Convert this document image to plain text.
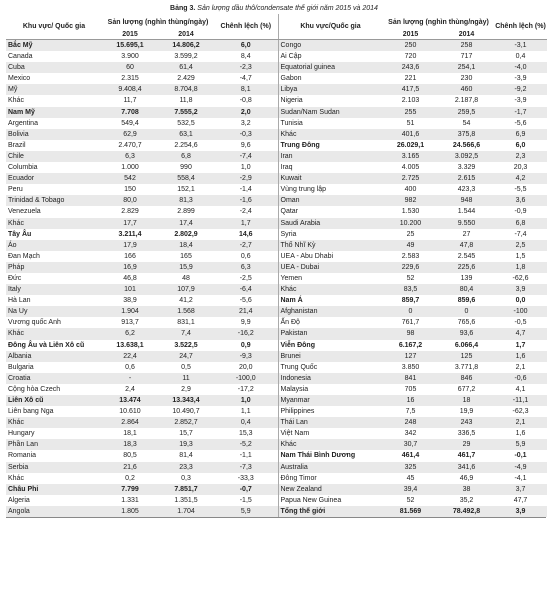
Bảng 3. Sản lượng dầu thô/condensate thế giới năm 2015 và 2014
Khu vực/ Quốc gia	Sản lượng (nghìn thùng/ngày)		Chênh lệch (%)
	2015	2014	
Bắc Mỹ	15.695,1	14.806,2	6,0
Canada	3.900	3.599,2	8,4
Cuba	60	61,4	-2,3
Mexico	2.315	2.429	-4,7
Mỹ	9.408,4	8.704,8	8,1
Khác	11,7	11,8	-0,8
Nam Mỹ	7.708	7.555,2	2,0
Argentina	549,4	532,5	3,2
Bolivia	62,9	63,1	-0,3
Brazil	2.470,7	2.254,6	9,6
Chile	6,3	6,8	-7,4
Columbia	1.000	990	1,0
Ecuador	542	558,4	-2,9
Peru	150	152,1	-1,4
Trinidad & Tobago	80,0	81,3	-1,6
Venezuela	2.829	2.899	-2,4
Khác	17,7	17,4	1,7
Tây Âu	3.211,4	2.802,9	14,6
Áo	17,9	18,4	-2,7
Đan Mạch	166	165	0,6
Pháp	16,9	15,9	6,3
Đức	46,8	48	-2,5
Italy	101	107,9	-6,4
Hà Lan	38,9	41,2	-5,6
Na Uy	1.904	1.568	21,4
Vương quốc Anh	913,7	831,1	9,9
Khác	6,2	7,4	-16,2
Đông Âu và Liên Xô cũ	13.638,1	3.522,5	0,9
Albania	22,4	24,7	-9,3
Bulgaria	0,6	0,5	20,0
Croatia	-	11	-100,0
Cộng hòa Czech	2,4	2,9	-17,2
Liên Xô cũ	13.474	13.343,4	1,0
Liên bang Nga	10.610	10.490,7	1,1
Khác	2.864	2.852,7	0,4
Hungary	18,1	15,7	15,3
Phần Lan	18,3	19,3	-5,2
Romania	80,5	81,4	-1,1
Serbia	21,6	23,3	-7,3
Khác	0,2	0,3	-33,3
Châu Phi	7.799	7.851,7	-0,7
Algeria	1.331	1.351,5	-1,5
Angola	1.805	1.704	5,9
Khu vực/Quốc gia	Sản lượng (nghìn thùng/ngày)		Chênh lệch (%)
	2015	2014	
Congo	250	258	-3,1
Ai Cập	720	717	0,4
Equatorial guinea	243,6	254,1	-4,0
Gabon	221	230	-3,9
Libya	417,5	460	-9,2
Nigeria	2.103	2.187,8	-3,9
Sudan/Nam Sudan	255	259,5	-1,7
Tunisia	51	54	-5,6
Khác	401,6	375,8	6,9
Trung Đông	26.029,1	24.566,6	6,0
Iran	3.165	3.092,5	2,3
Iraq	4.005	3.329	20,3
Kuwait	2.725	2.615	4,2
Vùng trung lập	400	423,3	-5,5
Oman	982	948	3,6
Qatar	1.530	1.544	-0,9
Saudi Arabia	10.200	9.550	6,8
Syria	25	27	-7,4
Thổ Nhĩ Kỳ	49	47,8	2,5
UEA - Abu Dhabi	2.583	2.545	1,5
UEA - Dubai	229,6	225,6	1,8
Yemen	52	139	-62,6
Khác	83,5	80,4	3,9
Nam Á	859,7	859,6	0,0
Afghanistan	0	0	-100
Ấn Độ	761,7	765,6	-0,5
Pakistan	98	93,6	4,7
Viễn Đông	6.167,2	6.066,4	1,7
Brunei	127	125	1,6
Trung Quốc	3.850	3.771,8	2,1
Indonesia	841	846	-0,6
Malaysia	705	677,2	4,1
Myanmar	16	18	-11,1
Philippines	7,5	19,9	-62,3
Thái Lan	248	243	2,1
Việt Nam	342	336,5	1,6
Khác	30,7	29	5,9
Nam Thái Bình Dương	461,4	461,7	-0,1
Australia	325	341,6	-4,9
Đông Timor	45	46,9	-4,1
New Zealand	39,4	38	3,7
Papua New Guinea	52	35,2	47,7
Tổng thế giới	81.569	78.492,8	3,9
